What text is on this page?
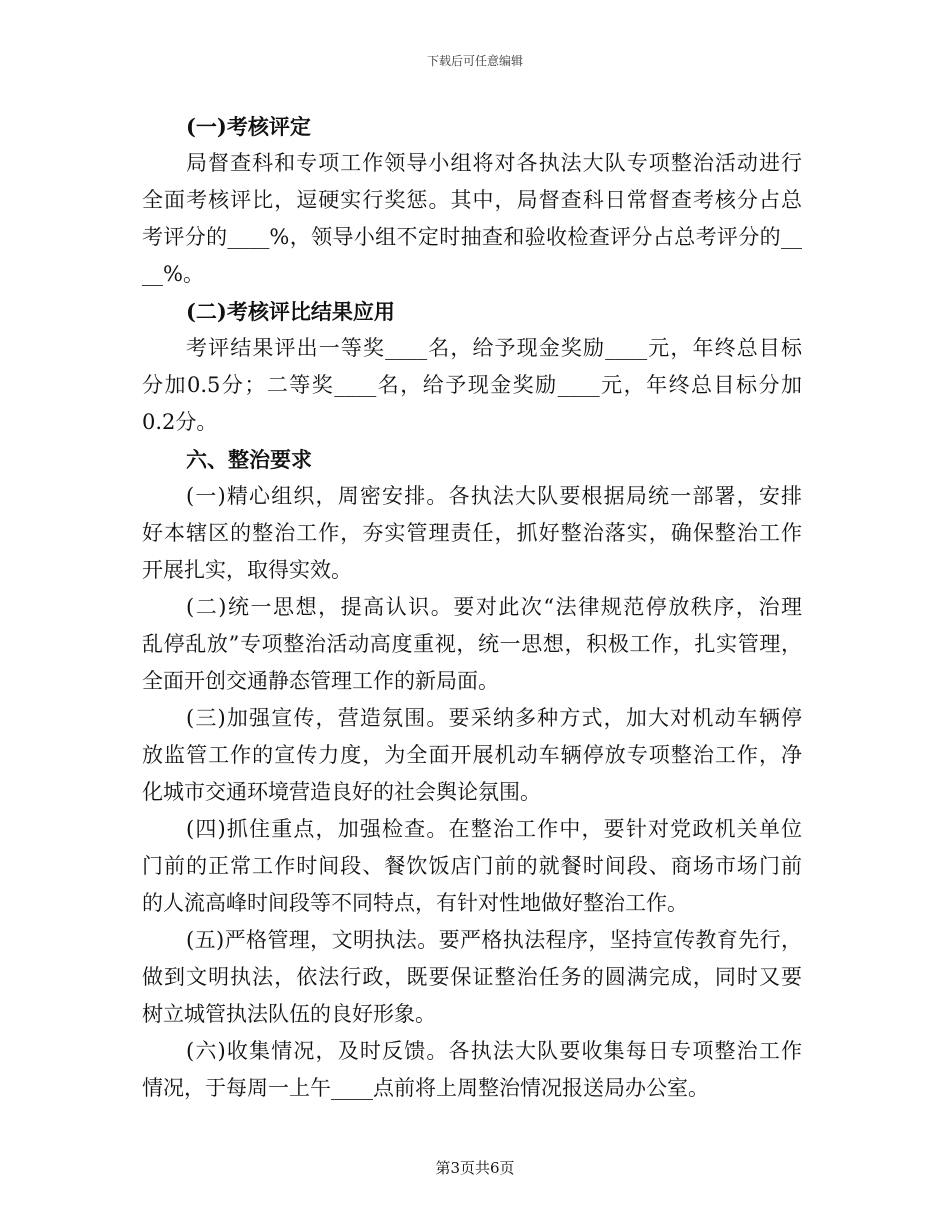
下载后可任意编辑
(一)考核评定
局督查科和专项工作领导小组将对各执法大队专项整治活动进行
全面考核评比，逗硬实行奖惩。其中，局督查科日常督查考核分占总
考评分的____%，领导小组不定时抽查和验收检查评分占总考评分的__
__%。
(二)考核评比结果应用
考评结果评出一等奖____名，给予现金奖励____元，年终总目标
分加0.5分；二等奖____名，给予现金奖励____元，年终总目标分加
0.2分。
六、整治要求
(一)精心组织，周密安排。各执法大队要根据局统一部署，安排
好本辖区的整治工作，夯实管理责任，抓好整治落实，确保整治工作
开展扎实，取得实效。
(二)统一思想，提高认识。要对此次“法律规范停放秩序，治理
乱停乱放”专项整治活动高度重视，统一思想，积极工作，扎实管理，
全面开创交通静态管理工作的新局面。
(三)加强宣传，营造氛围。要采纳多种方式，加大对机动车辆停
放监管工作的宣传力度，为全面开展机动车辆停放专项整治工作，净
化城市交通环境营造良好的社会舆论氛围。
(四)抓住重点，加强检查。在整治工作中，要针对党政机关单位
门前的正常工作时间段、餐饮饭店门前的就餐时间段、商场市场门前
的人流高峰时间段等不同特点，有针对性地做好整治工作。
(五)严格管理，文明执法。要严格执法程序，坚持宣传教育先行，
做到文明执法，依法行政，既要保证整治任务的圆满完成，同时又要
树立城管执法队伍的良好形象。
(六)收集情况，及时反馈。各执法大队要收集每日专项整治工作
情况，于每周一上午____点前将上周整治情况报送局办公室。
第3页共6页
